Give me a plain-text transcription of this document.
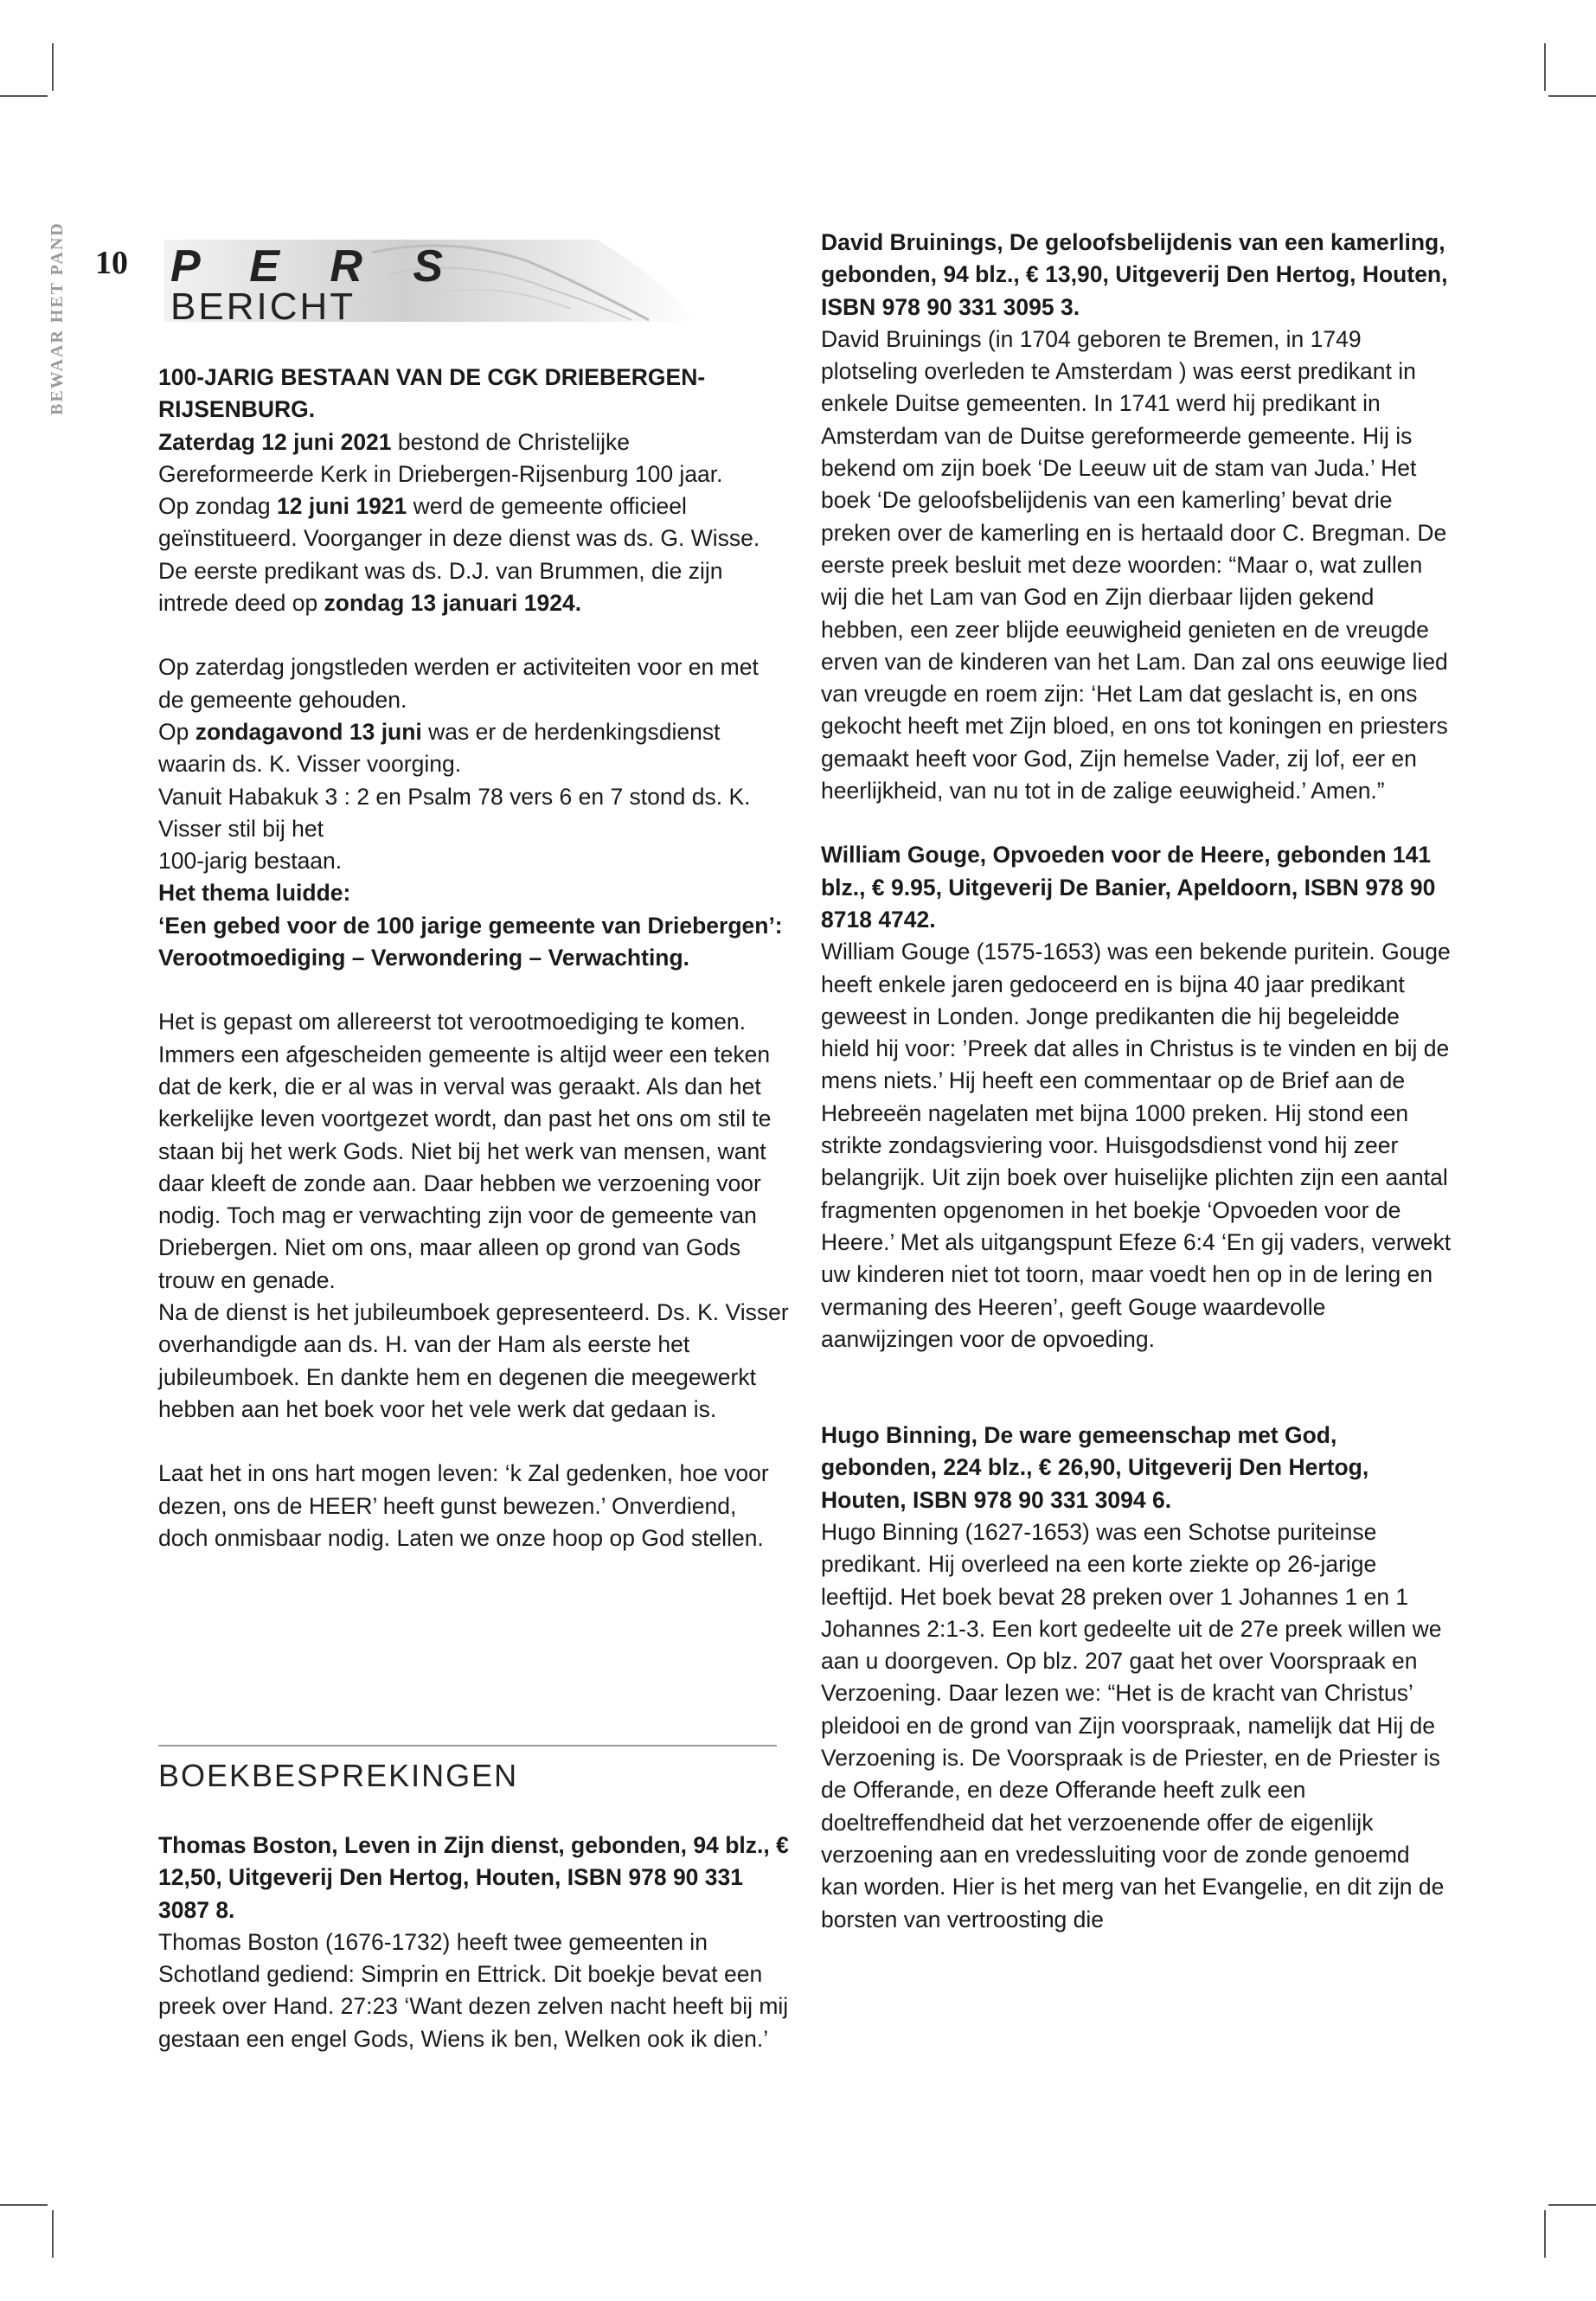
10
BEWAAR HET PAND P E R S
BERICHT

100-JARIG BESTAAN VAN DE CGK DRIEBERGEN-RIJSENBURG.

Zaterdag 12 juni 2021 bestond de Christelijke Gereformeerde Kerk in Driebergen-Rijsenburg 100 jaar.

Op zondag 12 juni 1921 werd de gemeente officieel geïnstitueerd. Voorganger in deze dienst was ds. G. Wisse.

De eerste predikant was ds. D.J. van Brummen, die zijn intrede deed op zondag 13 januari 1924.

Op zaterdag jongstleden werden er activiteiten voor en met de gemeente gehouden.

Op zondagavond 13 juni was er de herdenkingsdienst waarin ds. K. Visser voorging.

Vanuit Habakuk 3 : 2 en Psalm 78 vers 6 en 7 stond ds. K. Visser stil bij het

100-jarig bestaan.

Het thema luidde:

‘Een gebed voor de 100 jarige gemeente van Driebergen’:

Verootmoediging – Verwondering – Verwachting.

Het is gepast om allereerst tot verootmoediging te komen. Immers een afgescheiden gemeente is altijd weer een teken dat de kerk, die er al was in verval was geraakt. Als dan het kerkelijke leven voortgezet wordt, dan past het ons om stil te staan bij het werk Gods. Niet bij het werk van mensen, want daar kleeft de zonde aan. Daar hebben we verzoening voor nodig. Toch mag er verwachting zijn voor de gemeente van Driebergen. Niet om ons, maar alleen op grond van Gods trouw en genade.

Na de dienst is het jubileumboek gepresenteerd. Ds. K. Visser overhandigde aan ds. H. van der Ham als eerste het jubileumboek. En dankte hem en degenen die meegewerkt hebben aan het boek voor het vele werk dat gedaan is.

Laat het in ons hart mogen leven: ‘k Zal gedenken, hoe voor dezen, ons de HEER’ heeft gunst bewezen.’ Onverdiend, doch onmisbaar nodig. Laten we onze hoop op God stellen.

BOEKBESPREKINGEN

Thomas Boston, Leven in Zijn dienst, gebonden, 94 blz., € 12,50, Uitgeverij Den Hertog, Houten, ISBN 978 90 331 3087 8.

Thomas Boston (1676-1732) heeft twee gemeenten in Schotland gediend: Simprin en Ettrick. Dit boekje bevat een preek over Hand. 27:23 ‘Want dezen zelven nacht heeft bij mij gestaan een engel Gods, Wiens ik ben, Welken ook ik dien.’

David Bruinings, De geloofsbelijdenis van een kamerling, gebonden, 94 blz., € 13,90, Uitgeverij Den Hertog, Houten, ISBN 978 90 331 3095 3.

David Bruinings (in 1704 geboren te Bremen, in 1749 plotseling overleden te Amsterdam ) was eerst predikant in enkele Duitse gemeenten. In 1741 werd hij predikant in Amsterdam van de Duitse gereformeerde gemeente. Hij is bekend om zijn boek ‘De Leeuw uit de stam van Juda.’ Het boek ‘De geloofsbelijdenis van een kamerling’ bevat drie preken over de kamerling en is hertaald door C. Bregman. De eerste preek besluit met deze woorden: “Maar o, wat zullen wij die het Lam van God en Zijn dierbaar lijden gekend hebben, een zeer blijde eeuwigheid genieten en de vreugde erven van de kinderen van het Lam. Dan zal ons eeuwige lied van vreugde en roem zijn: ‘Het Lam dat geslacht is, en ons gekocht heeft met Zijn bloed, en ons tot koningen en priesters gemaakt heeft voor God, Zijn hemelse Vader, zij lof, eer en heerlijkheid, van nu tot in de zalige eeuwigheid.’ Amen.”

William Gouge, Opvoeden voor de Heere, gebonden 141 blz., € 9.95, Uitgeverij De Banier, Apeldoorn, ISBN 978 90 8718 4742.

William Gouge (1575-1653) was een bekende puritein. Gouge heeft enkele jaren gedoceerd en is bijna 40 jaar predikant geweest in Londen. Jonge predikanten die hij begeleidde hield hij voor: ’Preek dat alles in Christus is te vinden en bij de mens niets.’ Hij heeft een commentaar op de Brief aan de Hebreeën nagelaten met bijna 1000 preken. Hij stond een strikte zondagsviering voor. Huisgodsdienst vond hij zeer belangrijk. Uit zijn boek over huiselijke plichten zijn een aantal fragmenten opgenomen in het boekje ‘Opvoeden voor de Heere.’ Met als uitgangspunt Efeze 6:4 ‘En gij vaders, verwekt uw kinderen niet tot toorn, maar voedt hen op in de lering en vermaning des Heeren’, geeft Gouge waardevolle aanwijzingen voor de opvoeding.

Hugo Binning, De ware gemeenschap met God, gebonden, 224 blz., € 26,90, Uitgeverij Den Hertog, Houten, ISBN 978 90 331 3094 6.

Hugo Binning (1627-1653) was een Schotse puriteinse predikant. Hij overleed na een korte ziekte op 26-jarige leeftijd. Het boek bevat 28 preken over 1 Johannes 1 en 1 Johannes 2:1-3. Een kort gedeelte uit de 27e preek willen we aan u doorgeven. Op blz. 207 gaat het over Voorspraak en Verzoening. Daar lezen we: “Het is de kracht van Christus’ pleidooi en de grond van Zijn voorspraak, namelijk dat Hij de Verzoening is. De Voorspraak is de Priester, en de Priester is de Offerande, en deze Offerande heeft zulk een doeltreffendheid dat het verzoenende offer de eigenlijk verzoening aan en vredessluiting voor de zonde genoemd kan worden. Hier is het merg van het Evangelie, en dit zijn de borsten van vertroosting die
